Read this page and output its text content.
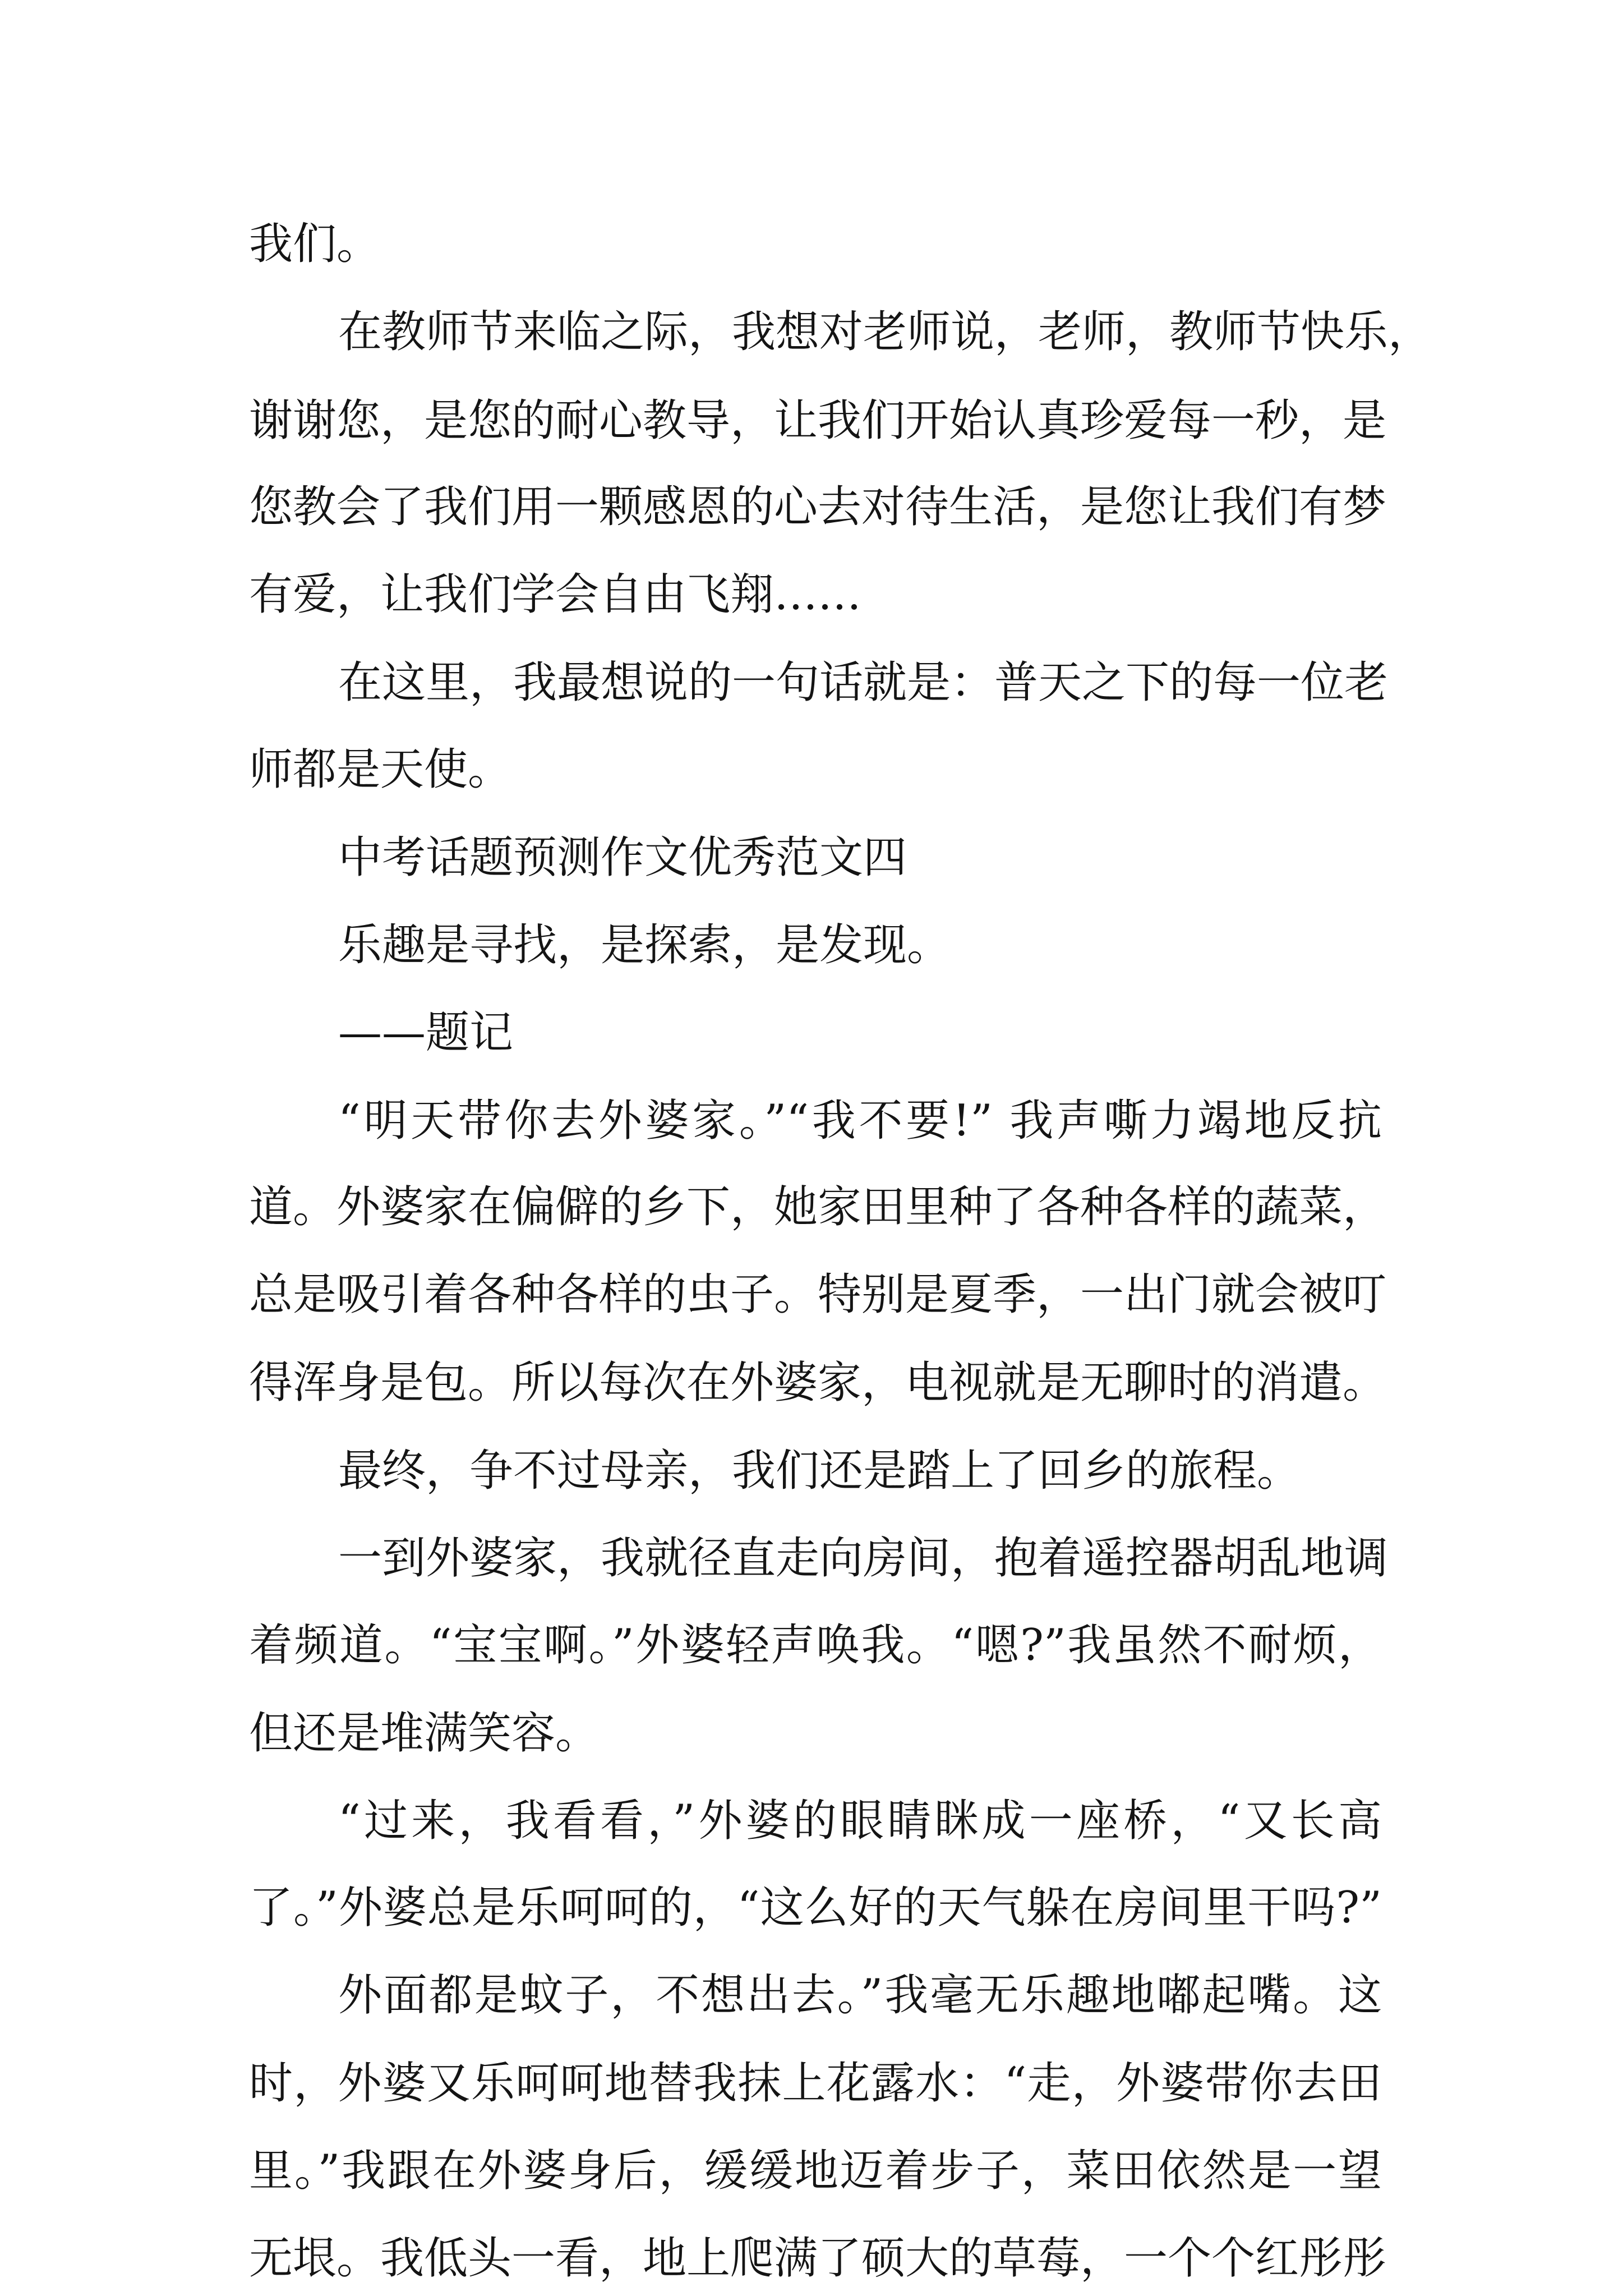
我们。
在教师节来临之际，我想对老师说，老师，教师节快乐，
谢谢您，是您的耐心教导，让我们开始认真珍爱每一秒，是
您教会了我们用一颗感恩的心去对待生活，是您让我们有梦
有爱，让我们学会自由飞翔……
在这里，我最想说的一句话就是：普天之下的每一位老
师都是天使。
中考话题预测作文优秀范文四
乐趣是寻找，是探索，是发现。
——题记
“明天带你去外婆家。”“我不要!” 我声嘶力竭地反抗
道。外婆家在偏僻的乡下，她家田里种了各种各样的蔬菜，
总是吸引着各种各样的虫子。特别是夏季，一出门就会被叮
得浑身是包。所以每次在外婆家，电视就是无聊时的消遣。
最终，争不过母亲，我们还是踏上了回乡的旅程。
一到外婆家，我就径直走向房间，抱着遥控器胡乱地调
着频道。“宝宝啊。”外婆轻声唤我。“嗯?”我虽然不耐烦，
但还是堆满笑容。
“过来，我看看，”外婆的眼睛眯成一座桥，“又长高
了。”外婆总是乐呵呵的，“这么好的天气躲在房间里干吗?”
外面都是蚊子，不想出去。”我毫无乐趣地嘟起嘴。这
时，外婆又乐呵呵地替我抹上花露水：“走，外婆带你去田
里。”我跟在外婆身后，缓缓地迈着步子，菜田依然是一望
无垠。我低头一看，地上爬满了硕大的草莓，一个个红彤彤
